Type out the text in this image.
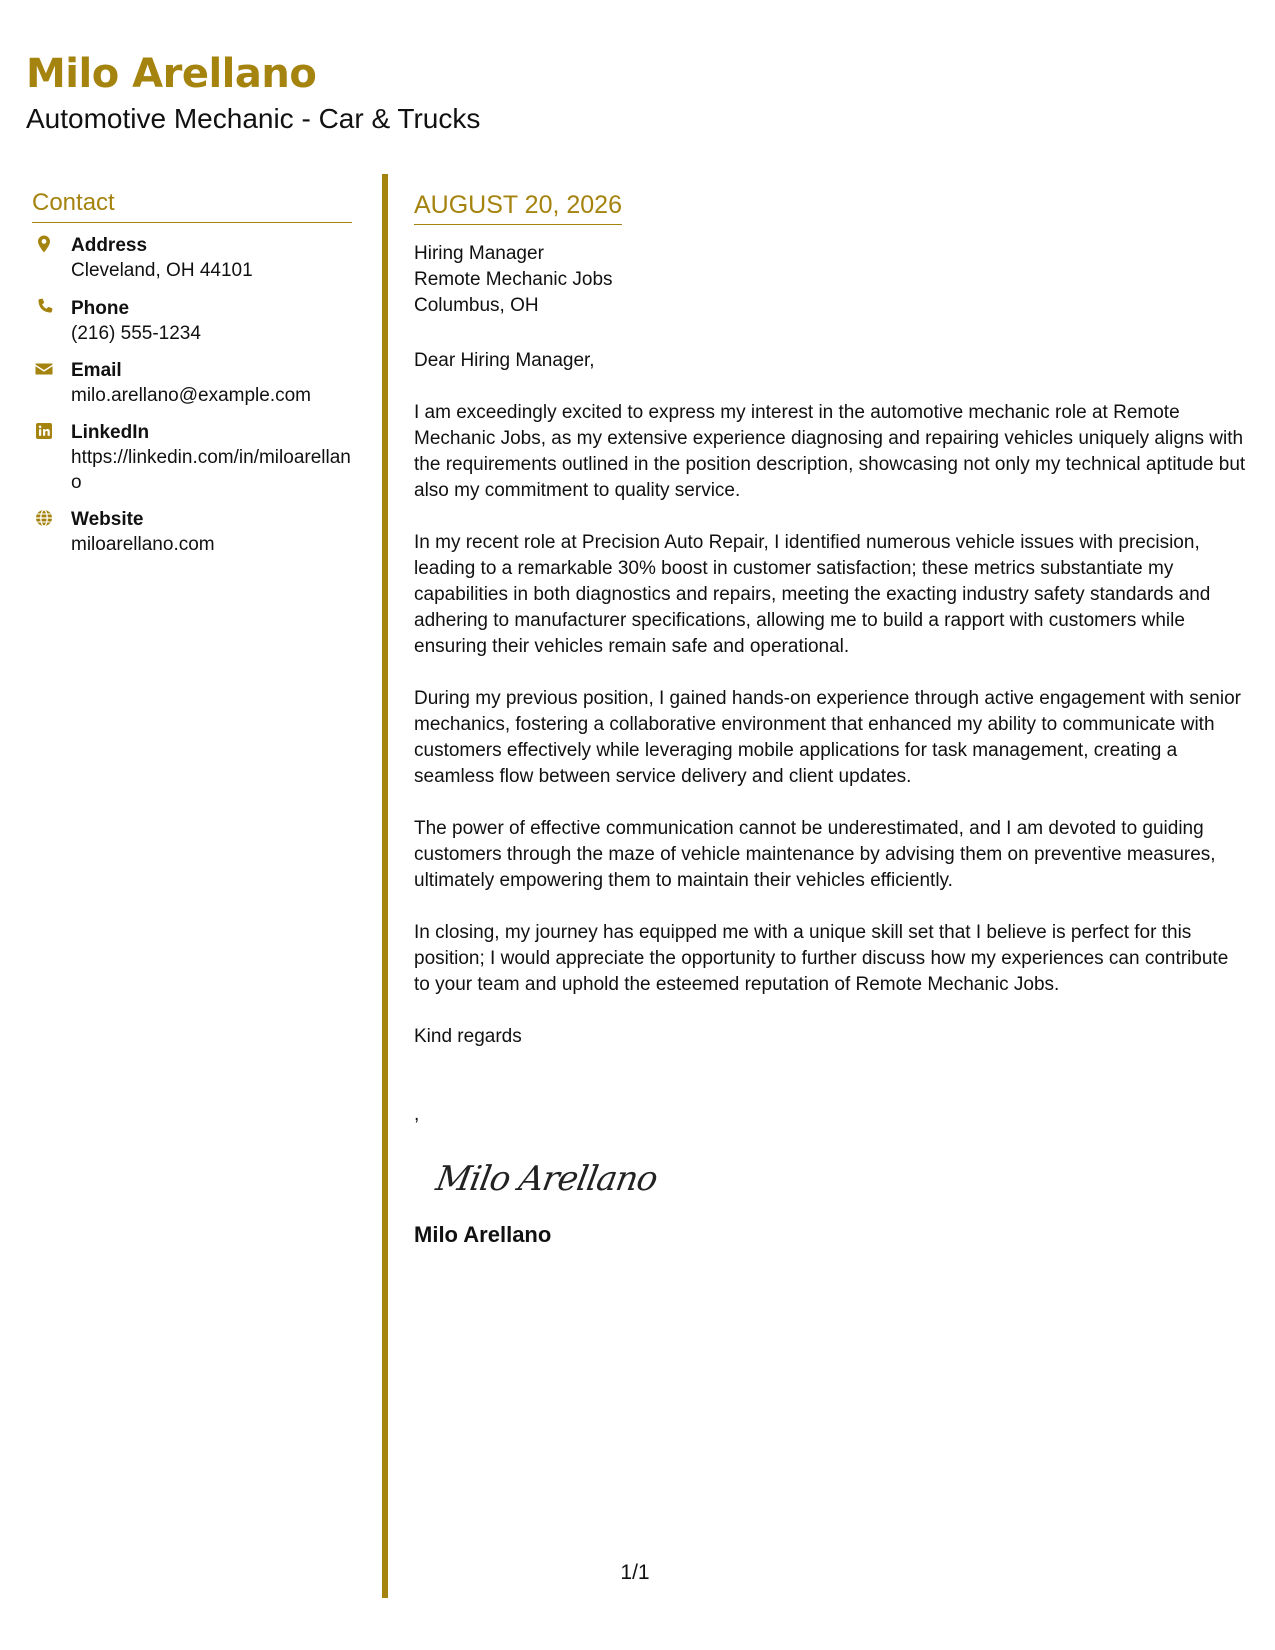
Milo Arellano
Automotive Mechanic - Car & Trucks
Contact
Address
Cleveland, OH 44101
Phone
(216) 555-1234
Email
milo.arellano@example.com
LinkedIn
https://linkedin.com/in/miloarellano
Website
miloarellano.com
AUGUST 20, 2026
Hiring Manager
Remote Mechanic Jobs
Columbus, OH
Dear Hiring Manager,

I am exceedingly excited to express my interest in the automotive mechanic role at Remote Mechanic Jobs, as my extensive experience diagnosing and repairing vehicles uniquely aligns with the requirements outlined in the position description, showcasing not only my technical aptitude but also my commitment to quality service.

In my recent role at Precision Auto Repair, I identified numerous vehicle issues with precision, leading to a remarkable 30% boost in customer satisfaction; these metrics substantiate my capabilities in both diagnostics and repairs, meeting the exacting industry safety standards and adhering to manufacturer specifications, allowing me to build a rapport with customers while ensuring their vehicles remain safe and operational.

During my previous position, I gained hands-on experience through active engagement with senior mechanics, fostering a collaborative environment that enhanced my ability to communicate with customers effectively while leveraging mobile applications for task management, creating a seamless flow between service delivery and client updates.

The power of effective communication cannot be underestimated, and I am devoted to guiding customers through the maze of vehicle maintenance by advising them on preventive measures, ultimately empowering them to maintain their vehicles efficiently.

In closing, my journey has equipped me with a unique skill set that I believe is perfect for this position; I would appreciate the opportunity to further discuss how my experiences can contribute to your team and uphold the esteemed reputation of Remote Mechanic Jobs.

Kind regards
,
Milo Arellano
Milo Arellano
1/1
